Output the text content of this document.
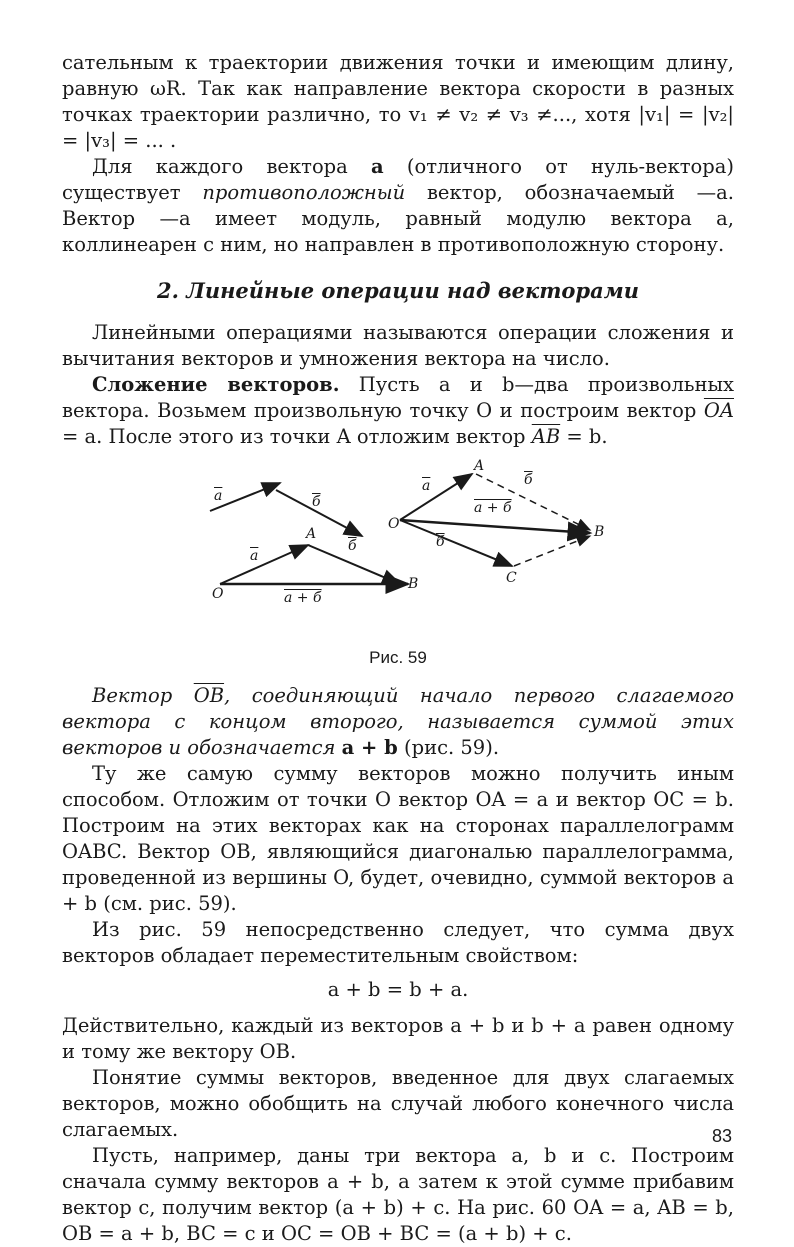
сательным к траектории движения точки и имеющим длину, равную ωR. Так как направление вектора скорости в разных точках траектории различно, то v₁ ≠ v₂ ≠ v₃ ≠..., хотя |v₁| = |v₂| = |v₃| = ... .

Для каждого вектора a (отличного от нуль-вектора) существует противоположный вектор, обозначаемый —a. Вектор —a имеет модуль, равный модулю вектора a, коллинеарен с ним, но направлен в противоположную сторону.

2. Линейные операции над векторами

Линейными операциями называются операции сложения и вычитания векторов и умножения вектора на число.

Сложение векторов. Пусть a и b—два произвольных вектора. Возьмем произвольную точку O и построим вектор $\overline{OA} = a$. После этого из точки A отложим вектор $\overline{AB} = b$.

$\overline{a}$	б
A
$\overline{a}$
б
O
B
a + б
A
$\overline{a}$	б
a + б
O
б
B
C
Рис. 59

Вектор $\overline{OB}$, соединяющий начало первого слагаемого вектора с концом второго, называется суммой этих векторов и обозначается a + b (рис. 59).

Ту же самую сумму векторов можно получить иным способом. Отложим от точки O вектор OA = a и вектор OC = b. Построим на этих векторах как на сторонах параллелограмм OABC. Вектор OB, являющийся диагональю параллелограмма, проведенной из вершины O, будет, очевидно, суммой векторов a + b (см. рис. 59).

Из рис. 59 непосредственно следует, что сумма двух векторов обладает переместительным свойством:

a + b = b + a.

Действительно, каждый из векторов a + b и b + a равен одному и тому же вектору OB.

Понятие суммы векторов, введенное для двух слагаемых векторов, можно обобщить на случай любого конечного числа слагаемых.

Пусть, например, даны три вектора a, b и c. Построим сначала сумму векторов a + b, а затем к этой сумме прибавим вектор c, получим вектор (a + b) + c. На рис. 60 OA = a, AB = b, OB = a + b, BC = c и OC = OB + BC = (a + b) + c.

83
